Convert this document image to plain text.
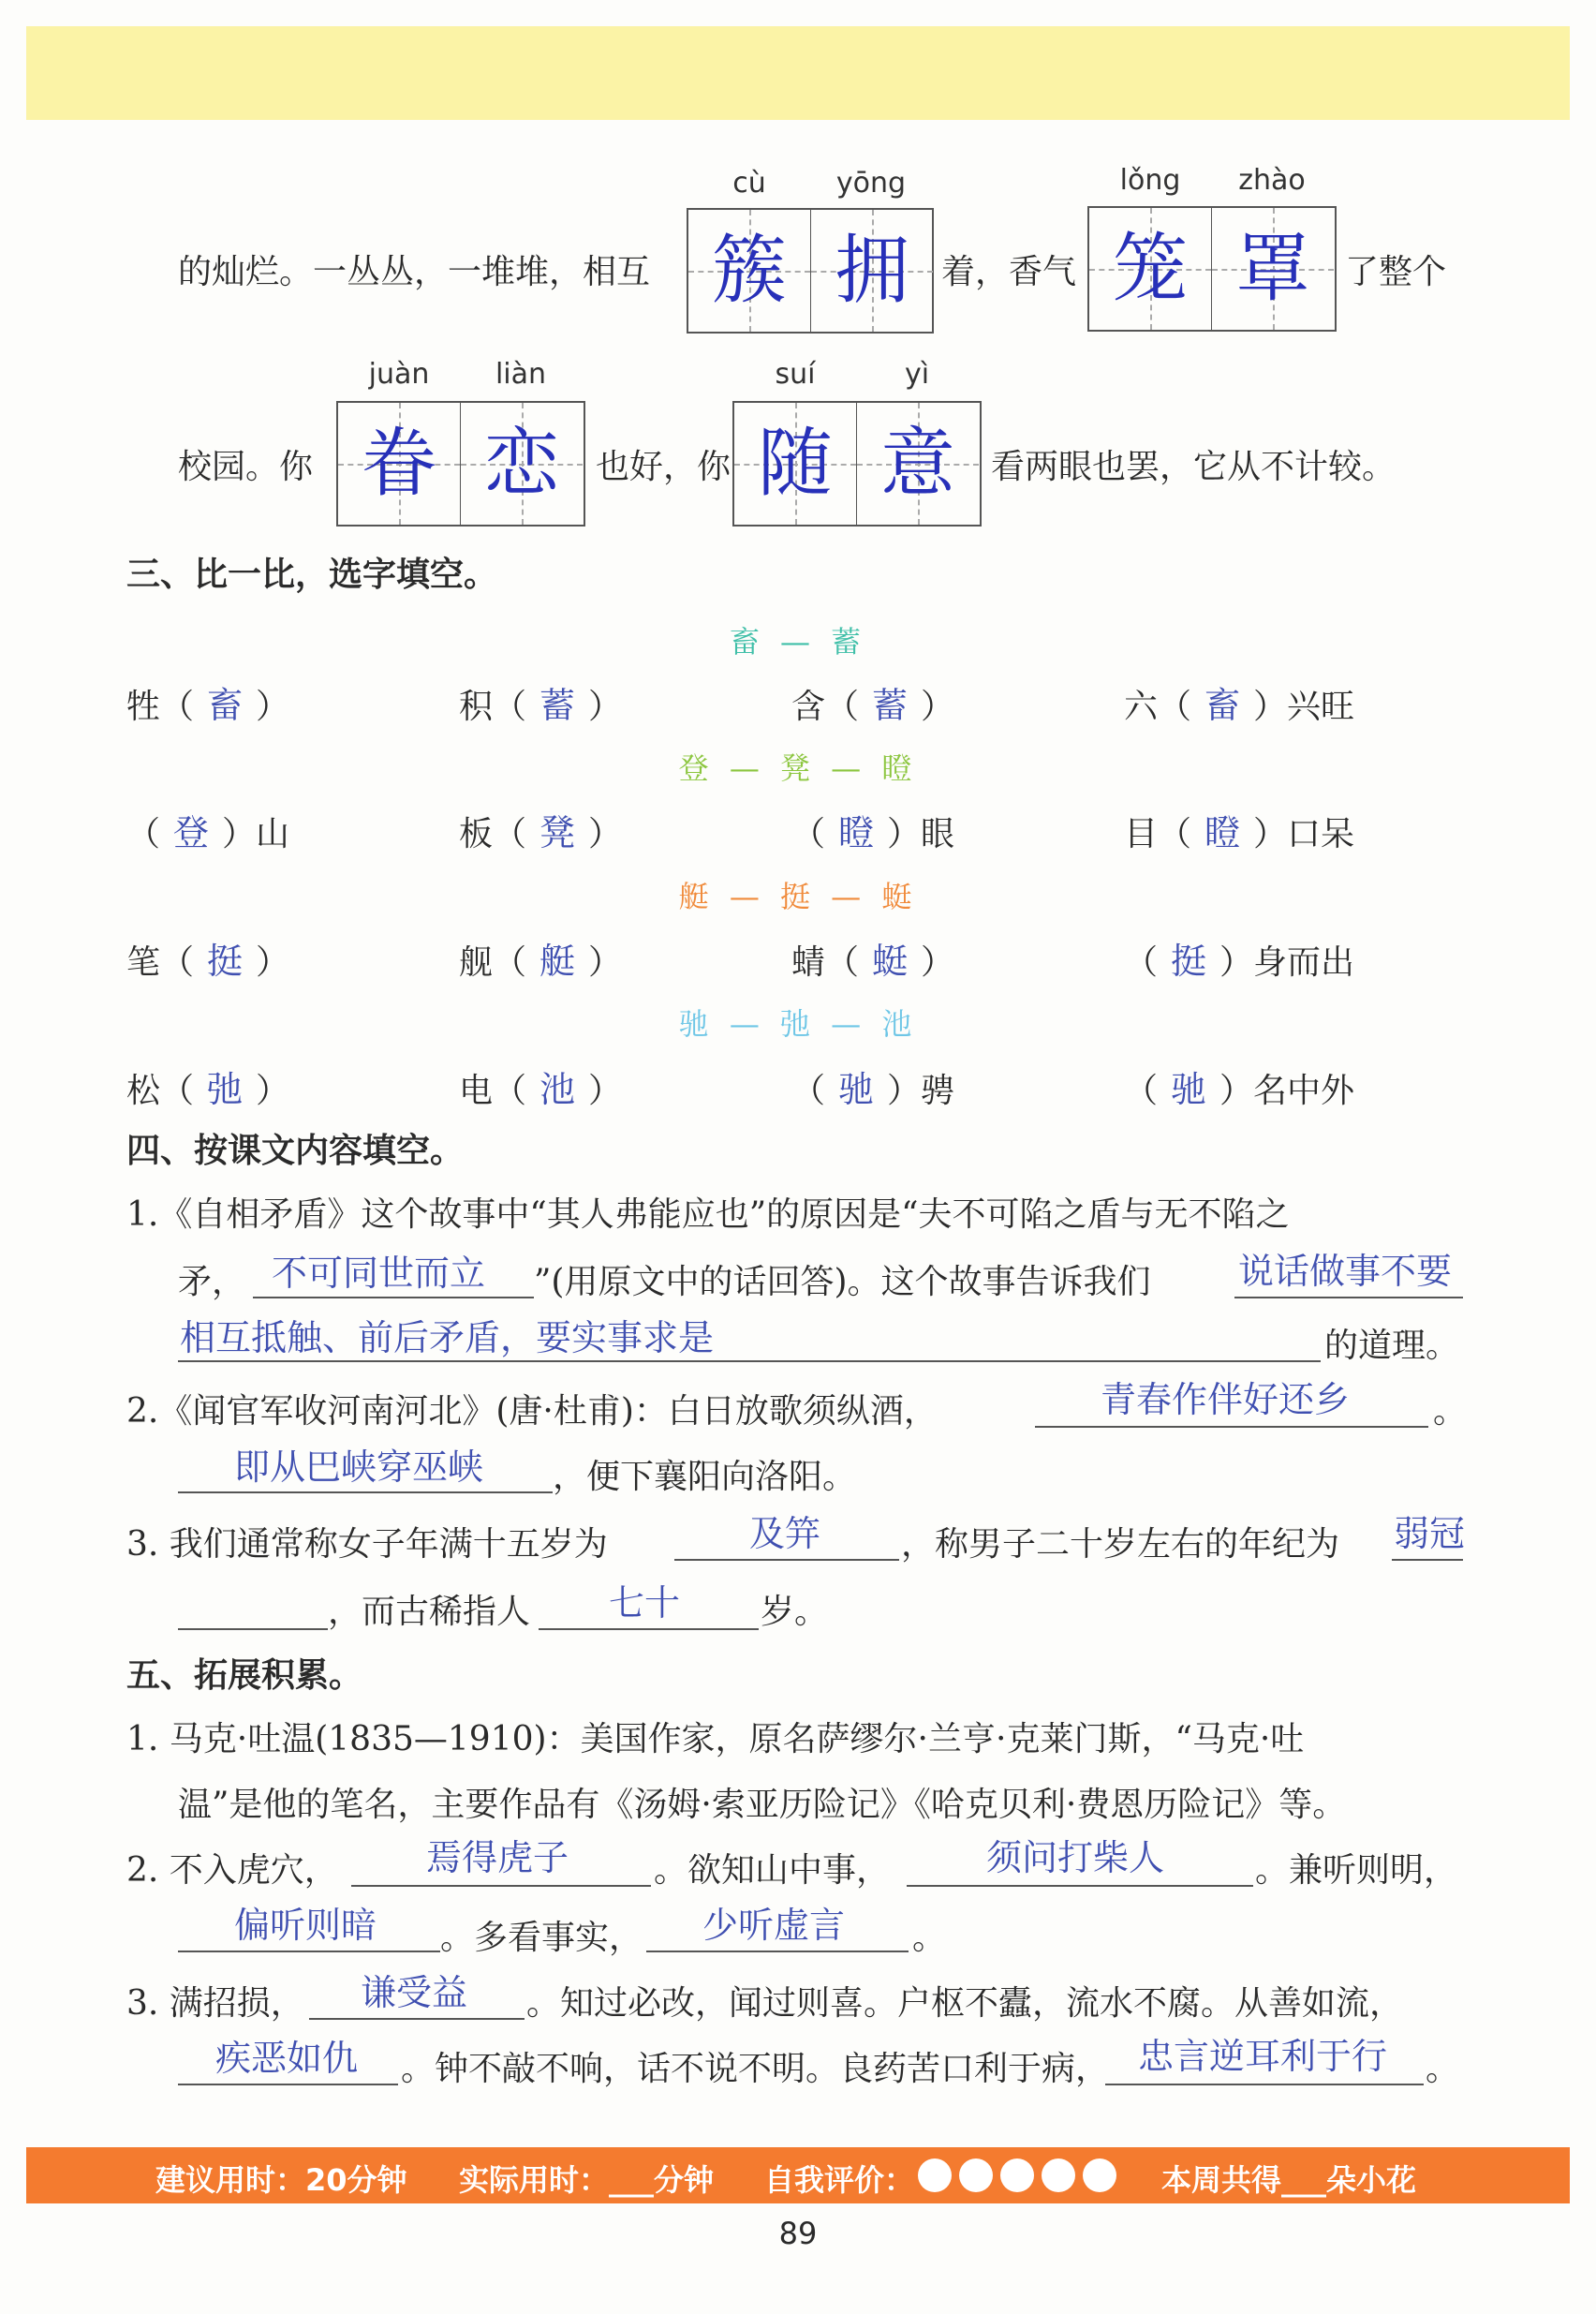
的灿烂。一丛丛，一堆堆，相互
cù	yōng
簇 拥 着，香气
lǒng	zhào
笼 罩	了整个
校园。你
juàn	liàn
眷 恋	也好，你
suí	yì
随 意	看两眼也罢，它从不计较。
三、比一比，选字填空。
畜 — 蓄
牲（ 畜 ）	积（ 蓄 ）	含（ 蓄 ）	六（ 畜 ）兴旺
登 — 凳 — 瞪
（ 登 ）山	板（ 凳 ）	（ 瞪 ）眼	目（ 瞪 ）口呆
艇 — 挺 — 蜓
笔（ 挺 ）	舰（ 艇 ）	蜻（ 蜓 ）	（ 挺 ）身而出
驰 — 弛 — 池
松（ 弛 ）	电（ 池 ）	（ 驰 ）骋	（ 驰 ）名中外
四、按课文内容填空。
1.《自相矛盾》这个故事中“其人弗能应也”的原因是“夫不可陷之盾与无不陷之
矛， 不可同世而立 ”(用原文中的话回答)。这个故事告诉我们 说话做事不要
相互抵触、前后矛盾，要实事求是	的道理。
2.《闻官军收河南河北》(唐·杜甫)：白日放歌须纵酒，	青春作伴好还乡 。
即从巴峡穿巫峡 ，便下襄阳向洛阳。
3. 我们通常称女子年满十五岁为	及笄 ，称男子二十岁左右的年纪为 弱冠
，而古稀指人 七十 岁。
五、拓展积累。
1. 马克·吐温(1835—1910)：美国作家，原名萨缪尔·兰亨·克莱门斯，“马克·吐
温”是他的笔名，主要作品有《汤姆·索亚历险记》《哈克贝利·费恩历险记》等。
2. 不入虎穴， 焉得虎子	。欲知山中事，	须问打柴人	。兼听则明，
偏听则暗 。多看事实， 少听虚言 。
3. 满招损， 谦受益 。知过必改，闻过则喜。户枢不蠹，流水不腐。从善如流，
疾恶如仇 。钟不敲不响，话不说不明。良药苦口利于病， 忠言逆耳利于行 。
建议用时：20分钟 实际用时：___分钟 自我评价：	本周共得___朵小花
89
